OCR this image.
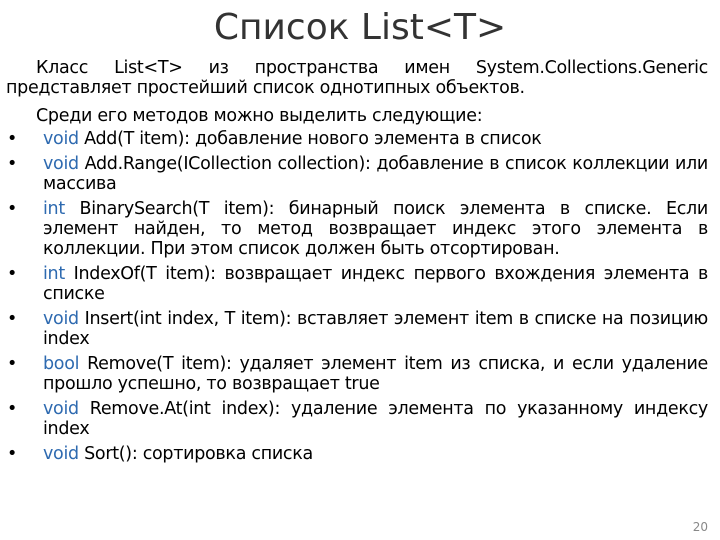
Список List<T>

Класс List<T> из пространства имен System.Collections.Generic представляет простейший список однотипных объектов.

Среди его методов можно выделить следующие:

• void Add(T item): добавление нового элемента в список
• void Add.Range(ICollection collection): добавление в список коллекции или массива
• int BinarySearch(T item): бинарный поиск элемента в списке. Если элемент найден, то метод возвращает индекс этого элемента в коллекции. При этом список должен быть отсортирован.
• int IndexOf(T item): возвращает индекс первого вхождения элемента в списке
• void Insert(int index, T item): вставляет элемент item в списке на позицию index
• bool Remove(T item): удаляет элемент item из списка, и если удаление прошло успешно, то возвращает true
• void Remove.At(int index): удаление элемента по указанному индексу index
• void Sort(): сортировка списка
20
